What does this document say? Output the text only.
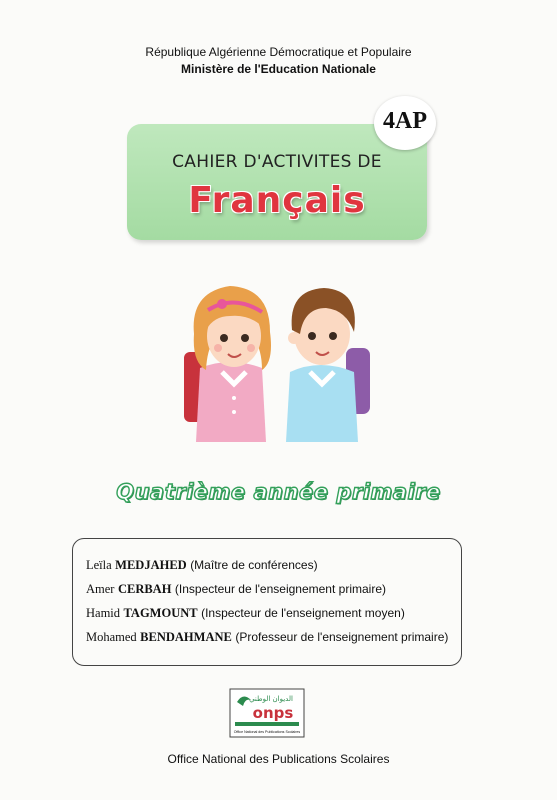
République Algérienne Démocratique et Populaire
Ministère de l'Education Nationale
CAHIER D'ACTIVITES DE
Français
4AP
Quatrième année primaire
Leïla MEDJAHED (Maître de conférences)
Amer CERBAH (Inspecteur de l'enseignement primaire)
Hamid TAGMOUNT (Inspecteur de l'enseignement moyen)
Mohamed BENDAHMANE (Professeur de l'enseignement primaire)
الديوان الوطني
onps
Office National des Publications Scolaires
Office National des Publications Scolaires
